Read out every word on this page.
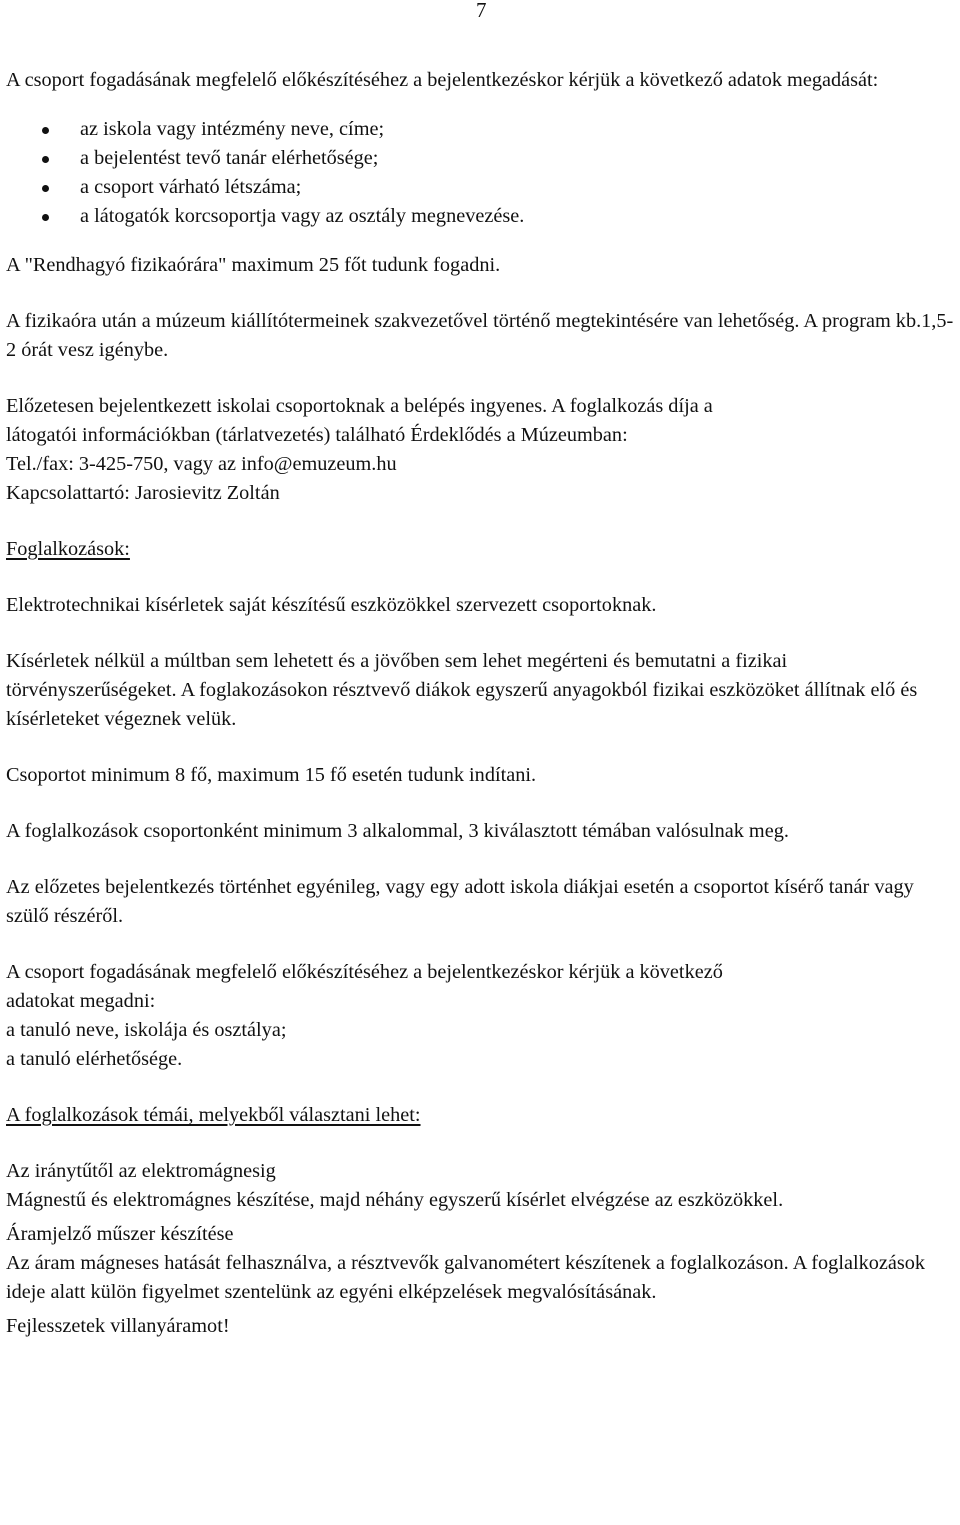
7

A csoport fogadásának megfelelő előkészítéséhez a bejelentkezéskor kérjük a következő adatok megadását:

az iskola vagy intézmény neve, címe;
a bejelentést tevő tanár elérhetősége;
a csoport várható létszáma;
a látogatók korcsoportja vagy az osztály megnevezése.

A "Rendhagyó fizikaórára" maximum 25 főt tudunk fogadni.

A fizikaóra után a múzeum kiállítótermeinek szakvezetővel történő megtekintésére van lehetőség. A program kb.1,5-2 órát vesz igénybe.

Előzetesen bejelentkezett iskolai csoportoknak a belépés ingyenes. A foglalkozás díja a

látogatói információkban (tárlatvezetés) található Érdeklődés a Múzeumban:

Tel./fax: 3-425-750, vagy az info@emuzeum.hu

Kapcsolattartó: Jarosievitz Zoltán

Foglalkozások:

Elektrotechnikai kísérletek saját készítésű eszközökkel szervezett csoportoknak.

Kísérletek nélkül a múltban sem lehetett és a jövőben sem lehet megérteni és bemutatni a fizikai törvényszerűségeket. A foglakozásokon résztvevő diákok egyszerű anyagokból fizikai eszközöket állítnak elő és kísérleteket végeznek velük.

Csoportot minimum 8 fő, maximum 15 fő esetén tudunk indítani.

A foglalkozások csoportonként minimum 3 alkalommal, 3 kiválasztott témában valósulnak meg.

Az előzetes bejelentkezés történhet egyénileg, vagy egy adott iskola diákjai esetén a csoportot kísérő tanár vagy szülő részéről.

A csoport fogadásának megfelelő előkészítéséhez a bejelentkezéskor kérjük a következő

adatokat megadni:

a tanuló neve, iskolája és osztálya;

a tanuló elérhetősége.

A foglalkozások témái, melyekből választani lehet:

Az iránytűtől az elektromágnesig

Mágnestű és elektromágnes készítése, majd néhány egyszerű kísérlet elvégzése az eszközökkel.

Áramjelző műszer készítése

Az áram mágneses hatását felhasználva, a résztvevők galvanométert készítenek a foglalkozáson. A foglalkozások ideje alatt külön figyelmet szentelünk az egyéni elképzelések megvalósításának.

Fejlesszetek villanyáramot!
